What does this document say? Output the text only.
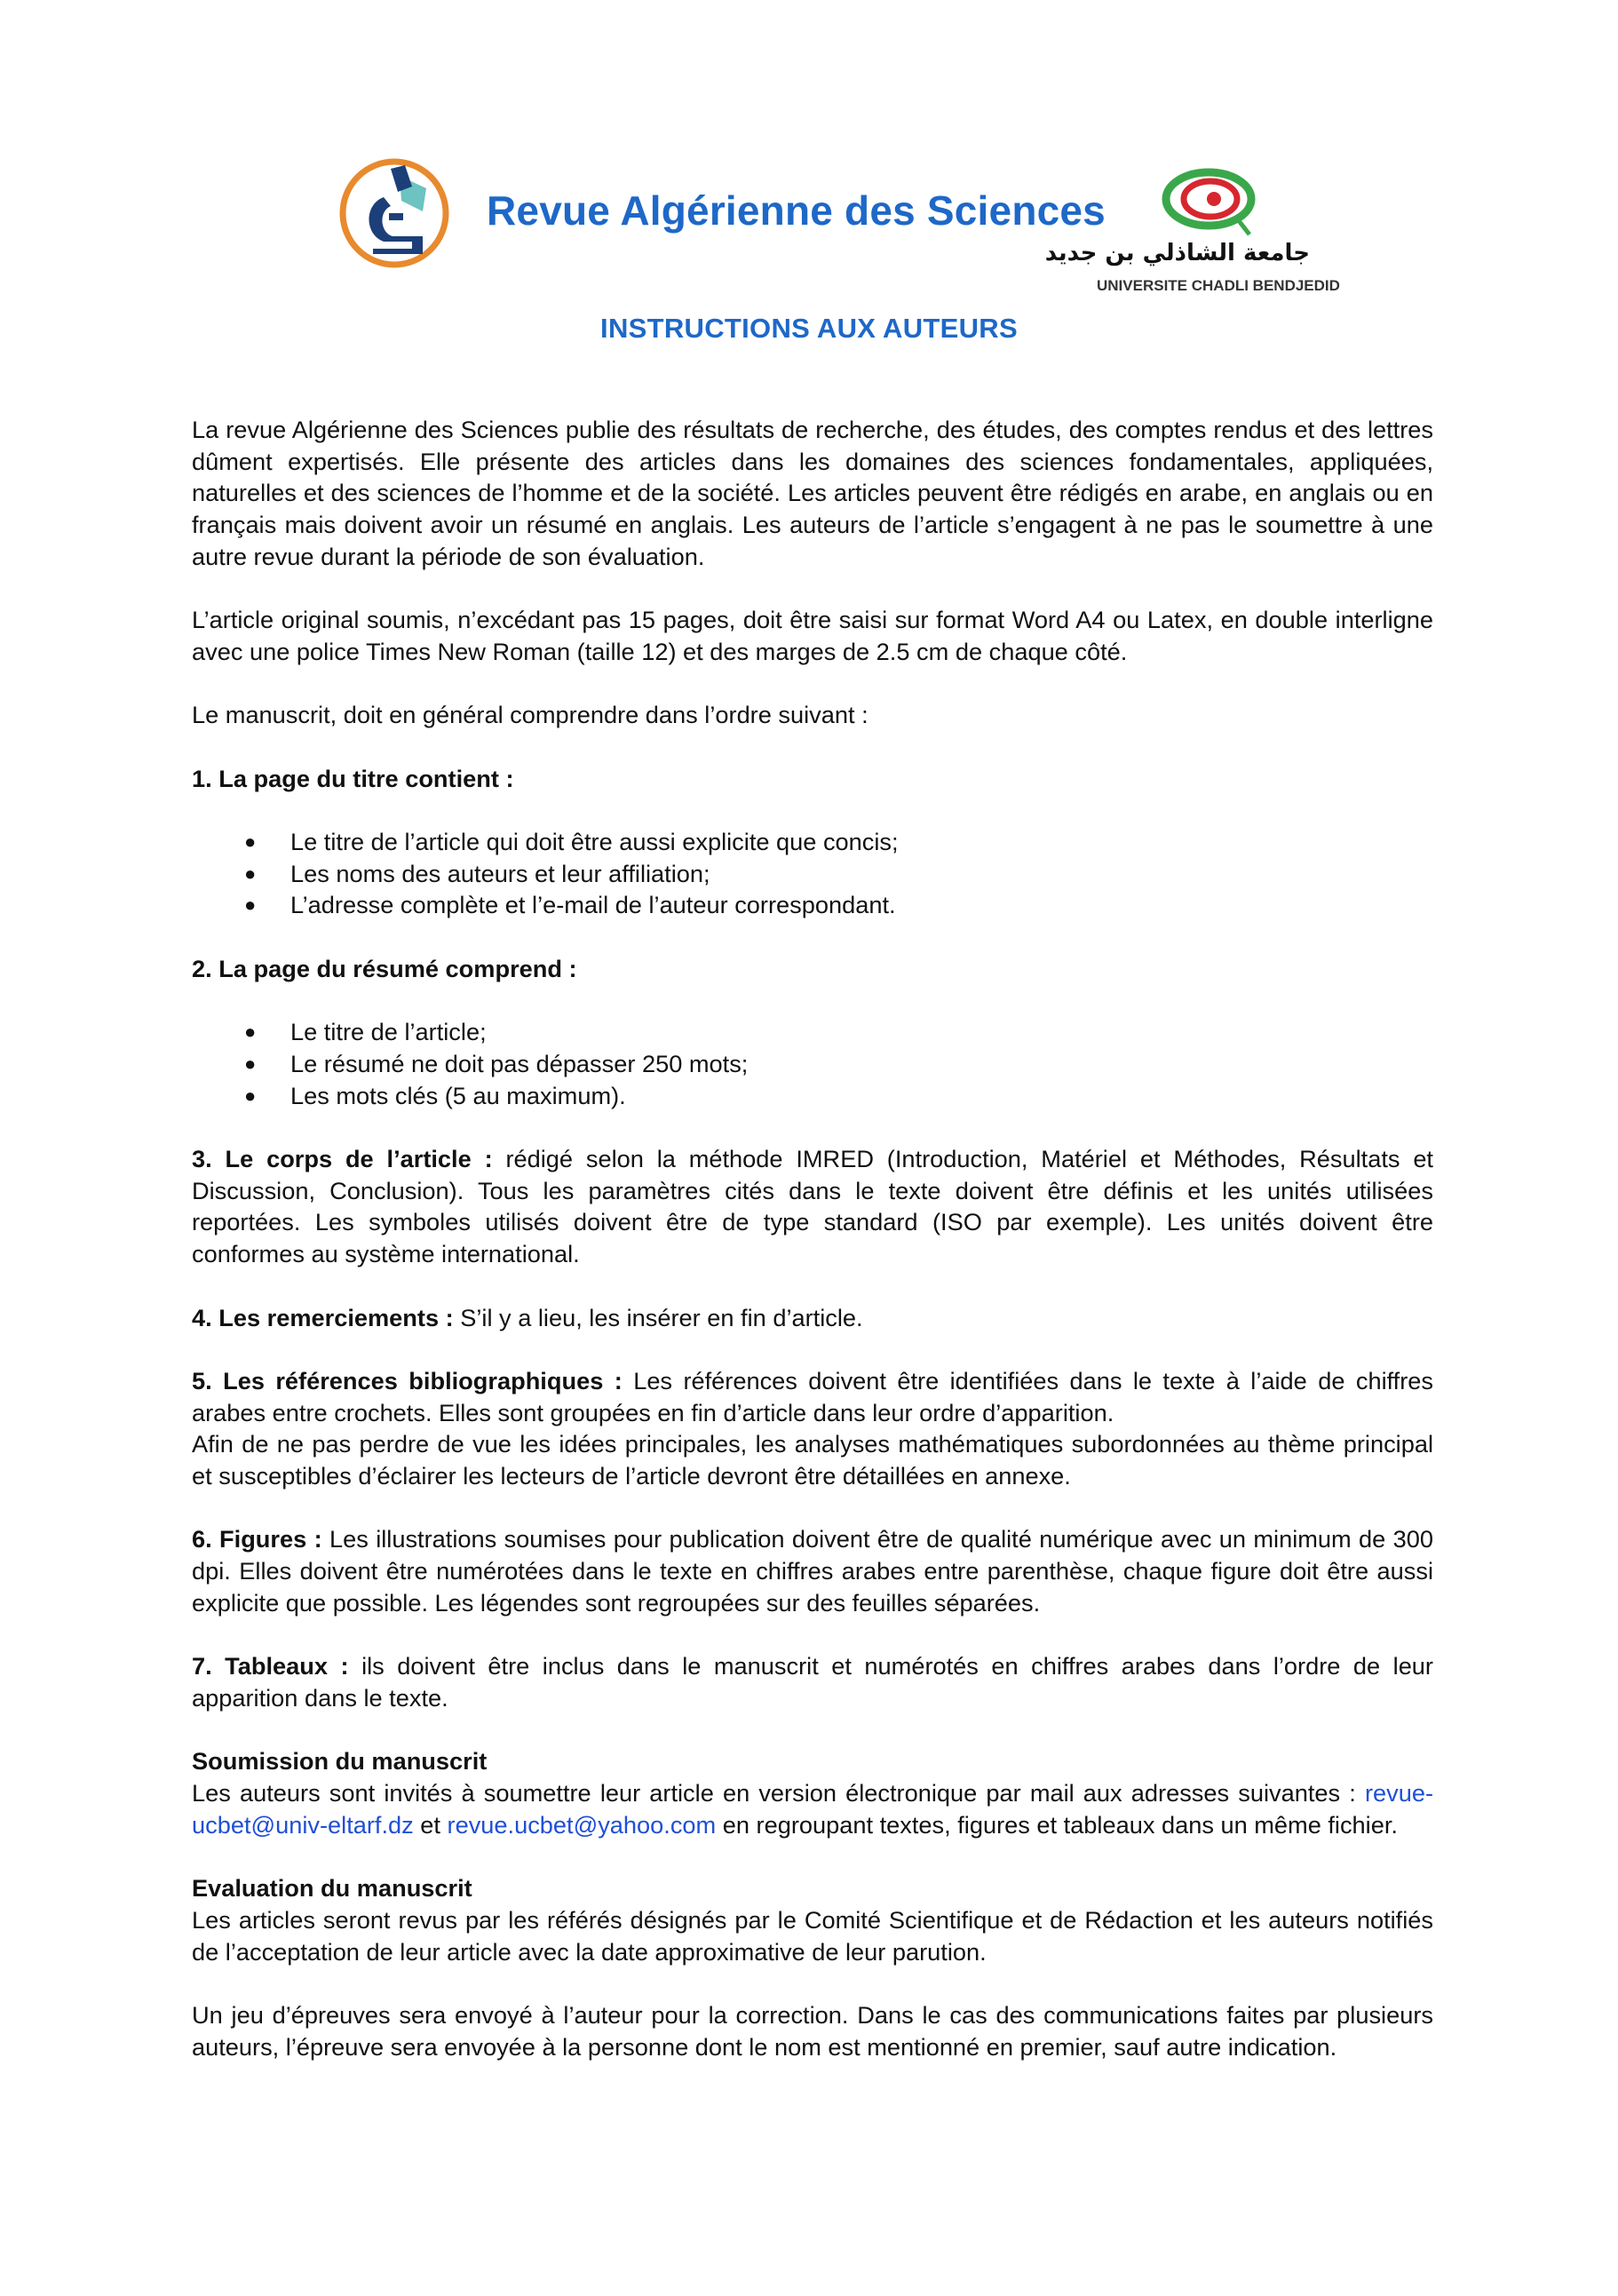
Revue Algérienne des Sciences
جامعة الشاذلي بن جديد
UNIVERSITE CHADLI BENDJEDID
INSTRUCTIONS AUX AUTEURS

La revue Algérienne des Sciences publie des résultats de recherche, des études, des comptes rendus et des lettres dûment expertisés. Elle présente des articles dans les domaines des sciences fondamentales, appliquées, naturelles et des sciences de l’homme et de la société. Les articles peuvent être rédigés en arabe, en anglais ou en français mais doivent avoir un résumé en anglais. Les auteurs de l’article s’engagent à ne pas le soumettre à une autre revue durant la période de son évaluation.

L’article original soumis, n’excédant pas 15 pages, doit être saisi sur format Word A4 ou Latex, en double interligne avec une police Times New Roman (taille 12) et des marges de 2.5 cm de chaque côté.

Le manuscrit, doit en général comprendre dans l’ordre suivant :

1. La page du titre contient :

● Le titre de l’article qui doit être aussi explicite que concis;
● Les noms des auteurs et leur affiliation;
● L’adresse complète et l’e-mail de l’auteur correspondant.

2. La page du résumé comprend :

● Le titre de l’article;
● Le résumé ne doit pas dépasser 250 mots;
● Les mots clés (5 au maximum).

3. Le corps de l’article : rédigé selon la méthode IMRED (Introduction, Matériel et Méthodes, Résultats et Discussion, Conclusion). Tous les paramètres cités dans le texte doivent être définis et les unités utilisées reportées. Les symboles utilisés doivent être de type standard (ISO par exemple). Les unités doivent être conformes au système international.

4. Les remerciements : S’il y a lieu, les insérer en fin d’article.

5. Les références bibliographiques : Les références doivent être identifiées dans le texte à l’aide de chiffres arabes entre crochets. Elles sont groupées en fin d’article dans leur ordre d’apparition.

Afin de ne pas perdre de vue les idées principales, les analyses mathématiques subordonnées au thème principal et susceptibles d’éclairer les lecteurs de l’article devront être détaillées en annexe.

6. Figures : Les illustrations soumises pour publication doivent être de qualité numérique avec un minimum de 300 dpi. Elles doivent être numérotées dans le texte en chiffres arabes entre parenthèse, chaque figure doit être aussi explicite que possible. Les légendes sont regroupées sur des feuilles séparées.

7. Tableaux : ils doivent être inclus dans le manuscrit et numérotés en chiffres arabes dans l’ordre de leur apparition dans le texte.

Soumission du manuscrit

Les auteurs sont invités à soumettre leur article en version électronique par mail aux adresses suivantes : revue-ucbet@univ-eltarf.dz et revue.ucbet@yahoo.com en regroupant textes, figures et tableaux dans un même fichier.

Evaluation du manuscrit

Les articles seront revus par les référés désignés par le Comité Scientifique et de Rédaction et les auteurs notifiés de l’acceptation de leur article avec la date approximative de leur parution.

Un jeu d’épreuves sera envoyé à l’auteur pour la correction. Dans le cas des communications faites par plusieurs auteurs, l’épreuve sera envoyée à la personne dont le nom est mentionné en premier, sauf autre indication.
